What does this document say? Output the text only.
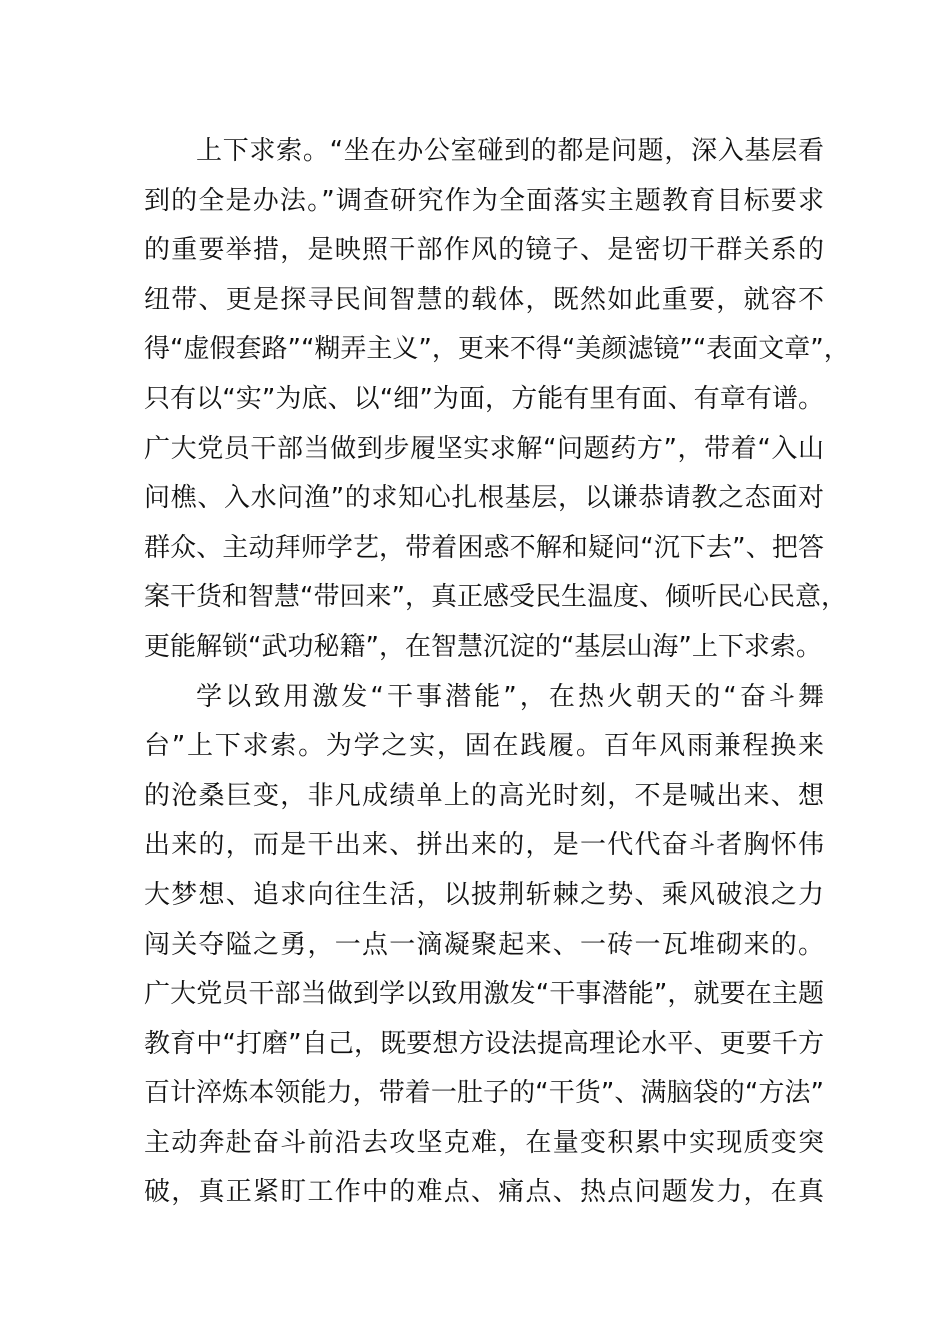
上下求索。“坐在办公室碰到的都是问题，深入基层看
到的全是办法。”调查研究作为全面落实主题教育目标要求
的重要举措，是映照干部作风的镜子、是密切干群关系的
纽带、更是探寻民间智慧的载体，既然如此重要，就容不
得“虚假套路”“糊弄主义”，更来不得“美颜滤镜”“表面文章”，
只有以“实”为底、以“细”为面，方能有里有面、有章有谱。
广大党员干部当做到步履坚实求解“问题药方”，带着“入山
问樵、入水问渔”的求知心扎根基层，以谦恭请教之态面对
群众、主动拜师学艺，带着困惑不解和疑问“沉下去”、把答
案干货和智慧“带回来”，真正感受民生温度、倾听民心民意，
更能解锁“武功秘籍”，在智慧沉淀的“基层山海”上下求索。
学以致用激发“干事潜能”，在热火朝天的“奋斗舞
台”上下求索。为学之实，固在践履。百年风雨兼程换来
的沧桑巨变，非凡成绩单上的高光时刻，不是喊出来、想
出来的，而是干出来、拼出来的，是一代代奋斗者胸怀伟
大梦想、追求向往生活，以披荆斩棘之势、乘风破浪之力
闯关夺隘之勇，一点一滴凝聚起来、一砖一瓦堆砌来的。
广大党员干部当做到学以致用激发“干事潜能”，就要在主题
教育中“打磨”自己，既要想方设法提高理论水平、更要千方
百计淬炼本领能力，带着一肚子的“干货”、满脑袋的“方法”
主动奔赴奋斗前沿去攻坚克难，在量变积累中实现质变突
破，真正紧盯工作中的难点、痛点、热点问题发力，在真
